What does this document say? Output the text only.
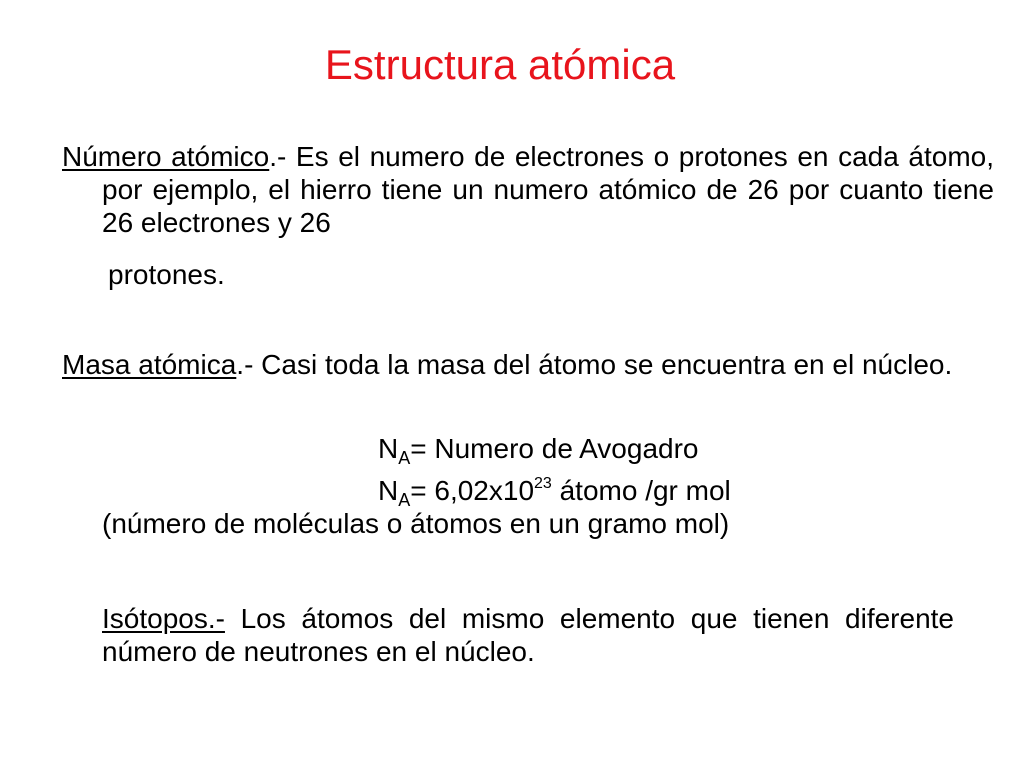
Estructura atómica
Número atómico.- Es el numero de electrones o protones en cada átomo, por ejemplo, el hierro tiene un numero atómico de 26 por cuanto tiene 26 electrones y 26
protones.
Masa atómica.- Casi toda la masa del átomo se encuentra en el núcleo.
$N_A=$ Numero de Avogadro
$N_A= 6,02x10^{23}$ átomo /gr mol
(número de moléculas o átomos en un gramo mol)
Isótopos.- Los átomos del mismo elemento que tienen diferente número de neutrones en el núcleo.
